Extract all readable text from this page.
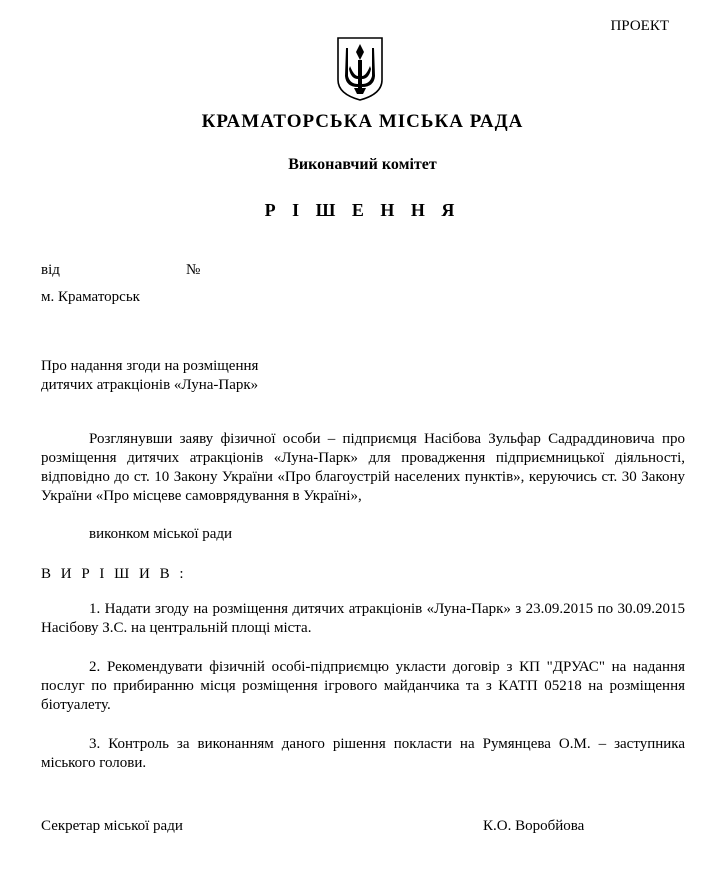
ПРОЕКТ
КРАМАТОРСЬКА МІСЬКА РАДА
Виконавчий комітет
Р І Ш Е Н Н Я
від	№
м. Краматорськ
Про надання згоди на розміщення
дитячих атракціонів «Луна-Парк»
Розглянувши заяву фізичної особи – підприємця Насібова Зульфар Садраддиновича про розміщення дитячих атракціонів «Луна-Парк» для провадження підприємницької діяльності, відповідно до ст. 10 Закону України «Про благоустрій населених пунктів», керуючись ст. 30 Закону України «Про місцеве самоврядування в Україні»,
виконком міської ради
В И Р І Ш И В :
1. Надати згоду на розміщення дитячих атракціонів «Луна-Парк» з 23.09.2015 по 30.09.2015 Насібову З.С. на центральній площі міста.
2. Рекомендувати фізичній особі-підприємцю укласти договір з КП "ДРУАС" на надання послуг по прибиранню місця розміщення ігрового майданчика та з КАТП 05218 на розміщення біотуалету.
3. Контроль за виконанням даного рішення покласти на Румянцева О.М. – заступника міського голови.
Секретар міської ради	К.О. Воробйова
